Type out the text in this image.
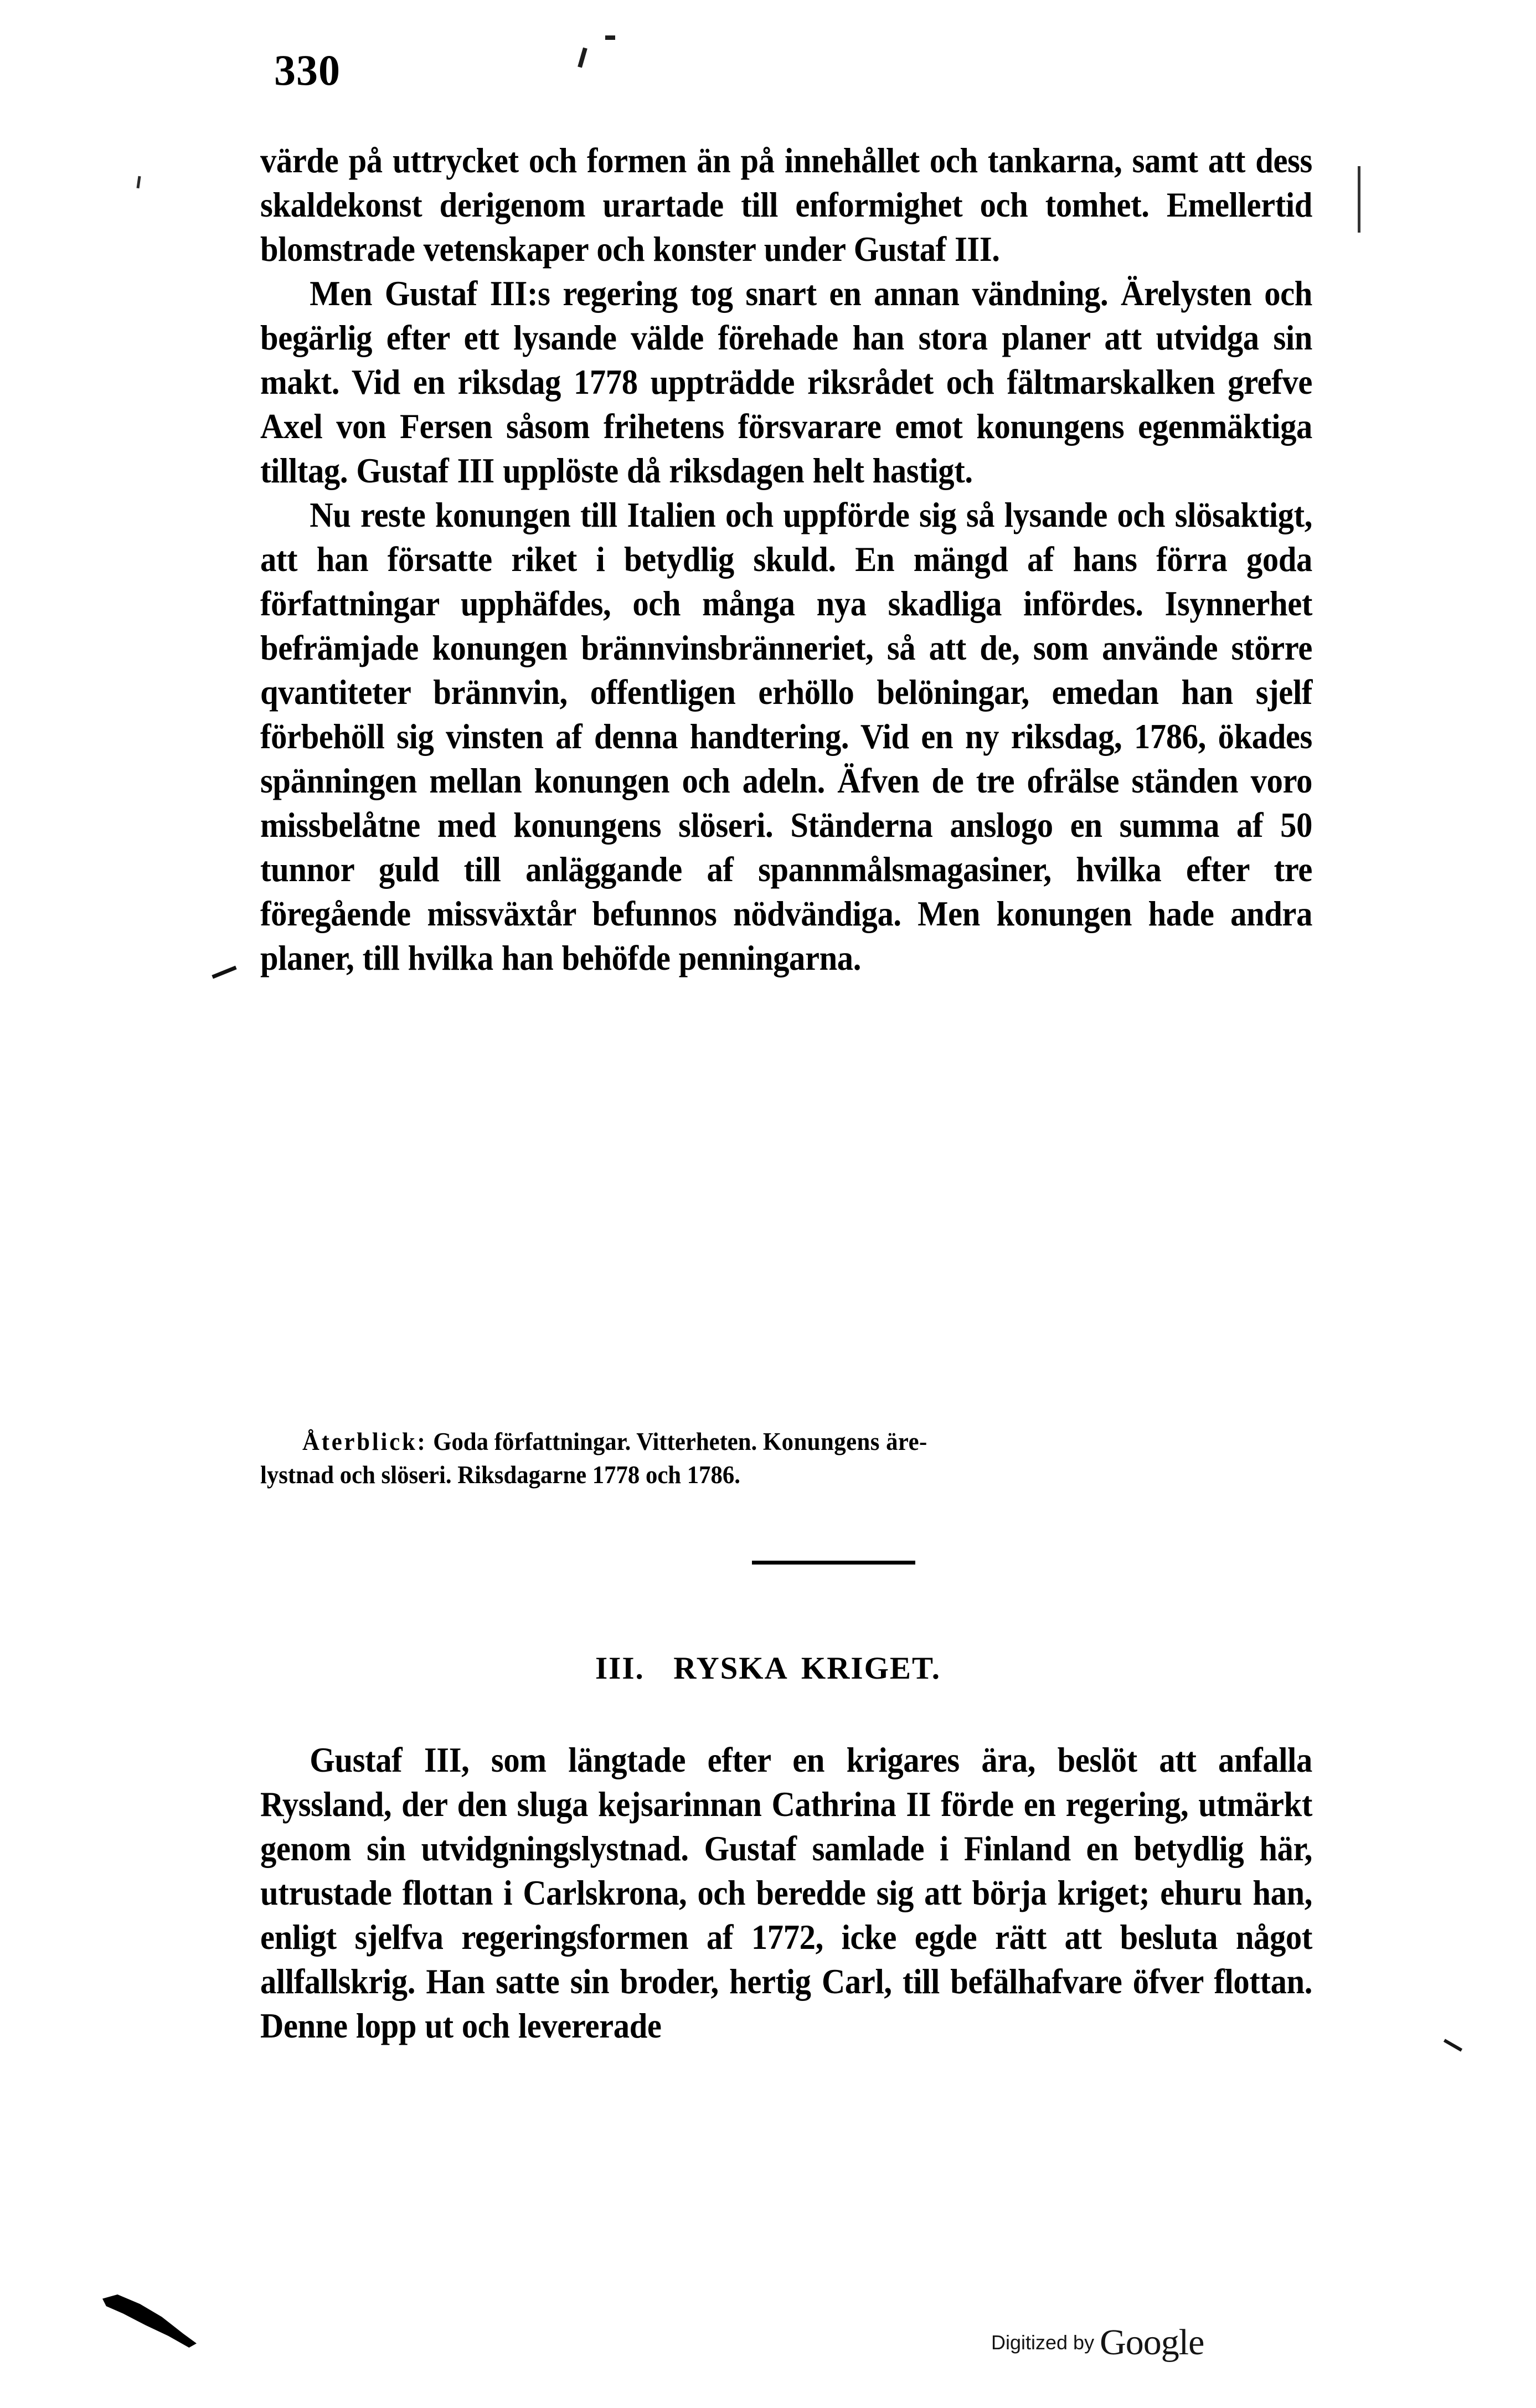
330

värde på uttrycket och formen än på innehållet och tankarna, samt att dess skaldekonst derigenom urartade till enformighet och tomhet. Emellertid blomstrade vetenskaper och konster under Gustaf III.

Men Gustaf III:s regering tog snart en annan vändning. Ärelysten och begärlig efter ett lysande välde förehade han stora planer att utvidga sin makt. Vid en riksdag 1778 uppträdde riksrådet och fältmarskalken grefve Axel von Fersen såsom frihetens försvarare emot konungens egenmäktiga tilltag. Gustaf III upplöste då riksdagen helt hastigt.

Nu reste konungen till Italien och uppförde sig så lysande och slösaktigt, att han försatte riket i betydlig skuld. En mängd af hans förra goda författningar upphäfdes, och många nya skadliga infördes. Isynnerhet befrämjade konungen brännvinsbränneriet, så att de, som använde större qvantiteter brännvin, offentligen erhöllo belöningar, emedan han sjelf förbehöll sig vinsten af denna handtering. Vid en ny riksdag, 1786, ökades spänningen mellan konungen och adeln. Äfven de tre ofrälse ständen voro missbelåtne med konungens slöseri. Ständerna anslogo en summa af 50 tunnor guld till anläggande af spannmålsmagasiner, hvilka efter tre föregående missväxtår befunnos nödvändiga. Men konungen hade andra planer, till hvilka han behöfde penningarna.

Återblick: Goda författningar. Vitterheten. Konungens äre-
lystnad och slöseri. Riksdagarne 1778 och 1786.
III. RYSKA KRIGET.

Gustaf III, som längtade efter en krigares ära, beslöt att anfalla Ryssland, der den sluga kejsarinnan Cathrina II förde en regering, utmärkt genom sin utvidgningslystnad. Gustaf samlade i Finland en betydlig här, utrustade flottan i Carlskrona, och beredde sig att börja kriget; ehuru han, enligt sjelfva regeringsformen af 1772, icke egde rätt att besluta något allfallskrig. Han satte sin broder, hertig Carl, till befälhafvare öfver flottan. Denne lopp ut och levererade

Digitized by Google
